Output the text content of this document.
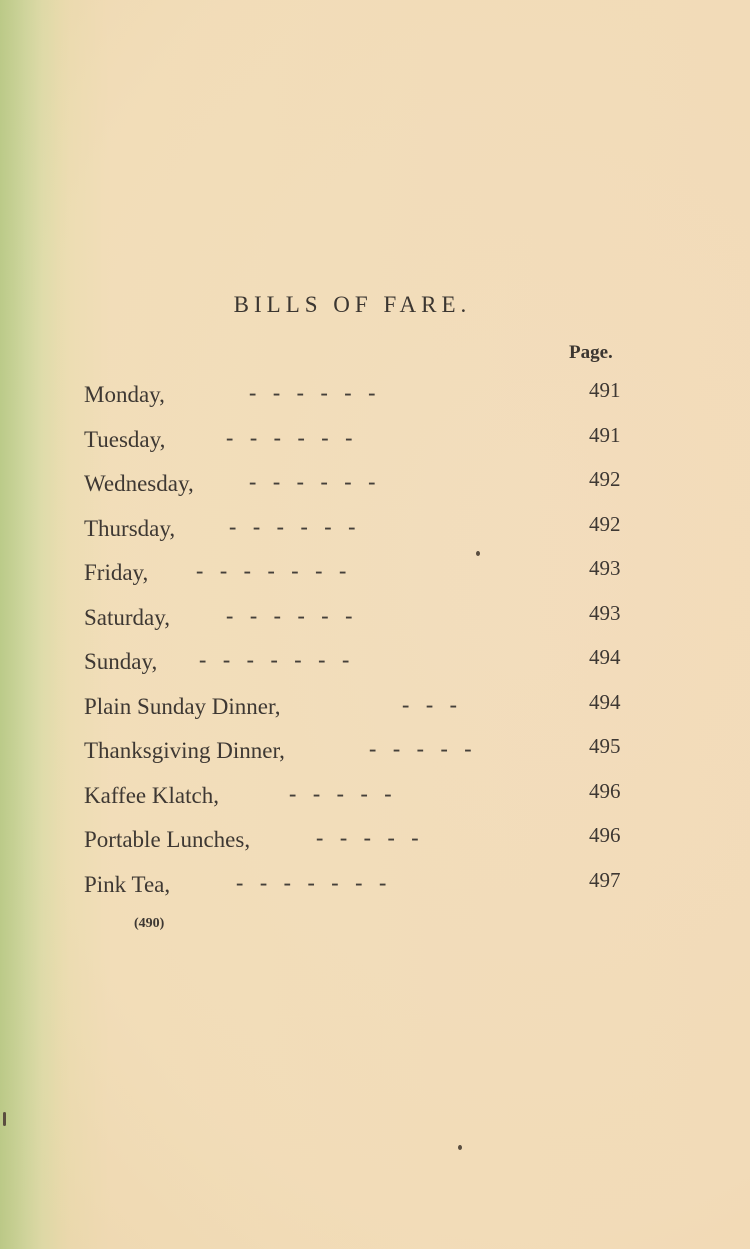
BILLS OF FARE.
Page.
Monday,	-   -   -   -   -   -	491
Tuesday,	-   -   -   -   -   -	491
Wednesday,	-   -   -   -   -   -	492
Thursday, -   -   -   -   -   -	492
Friday, -   -   -   -   -   -   -	493
Saturday,	-   -   -   -   -   -	493
Sunday, -   -   -   -   -   -   -	494
Plain Sunday Dinner,	-   -   -	494
Thanksgiving Dinner,	-   -   -   -   -	495
Kaffee Klatch,	-   -   -   -   -	496
Portable Lunches,	-   -   -   -   -	496
Pink Tea,	-   -   -   -   -   -   -	497
(490)
